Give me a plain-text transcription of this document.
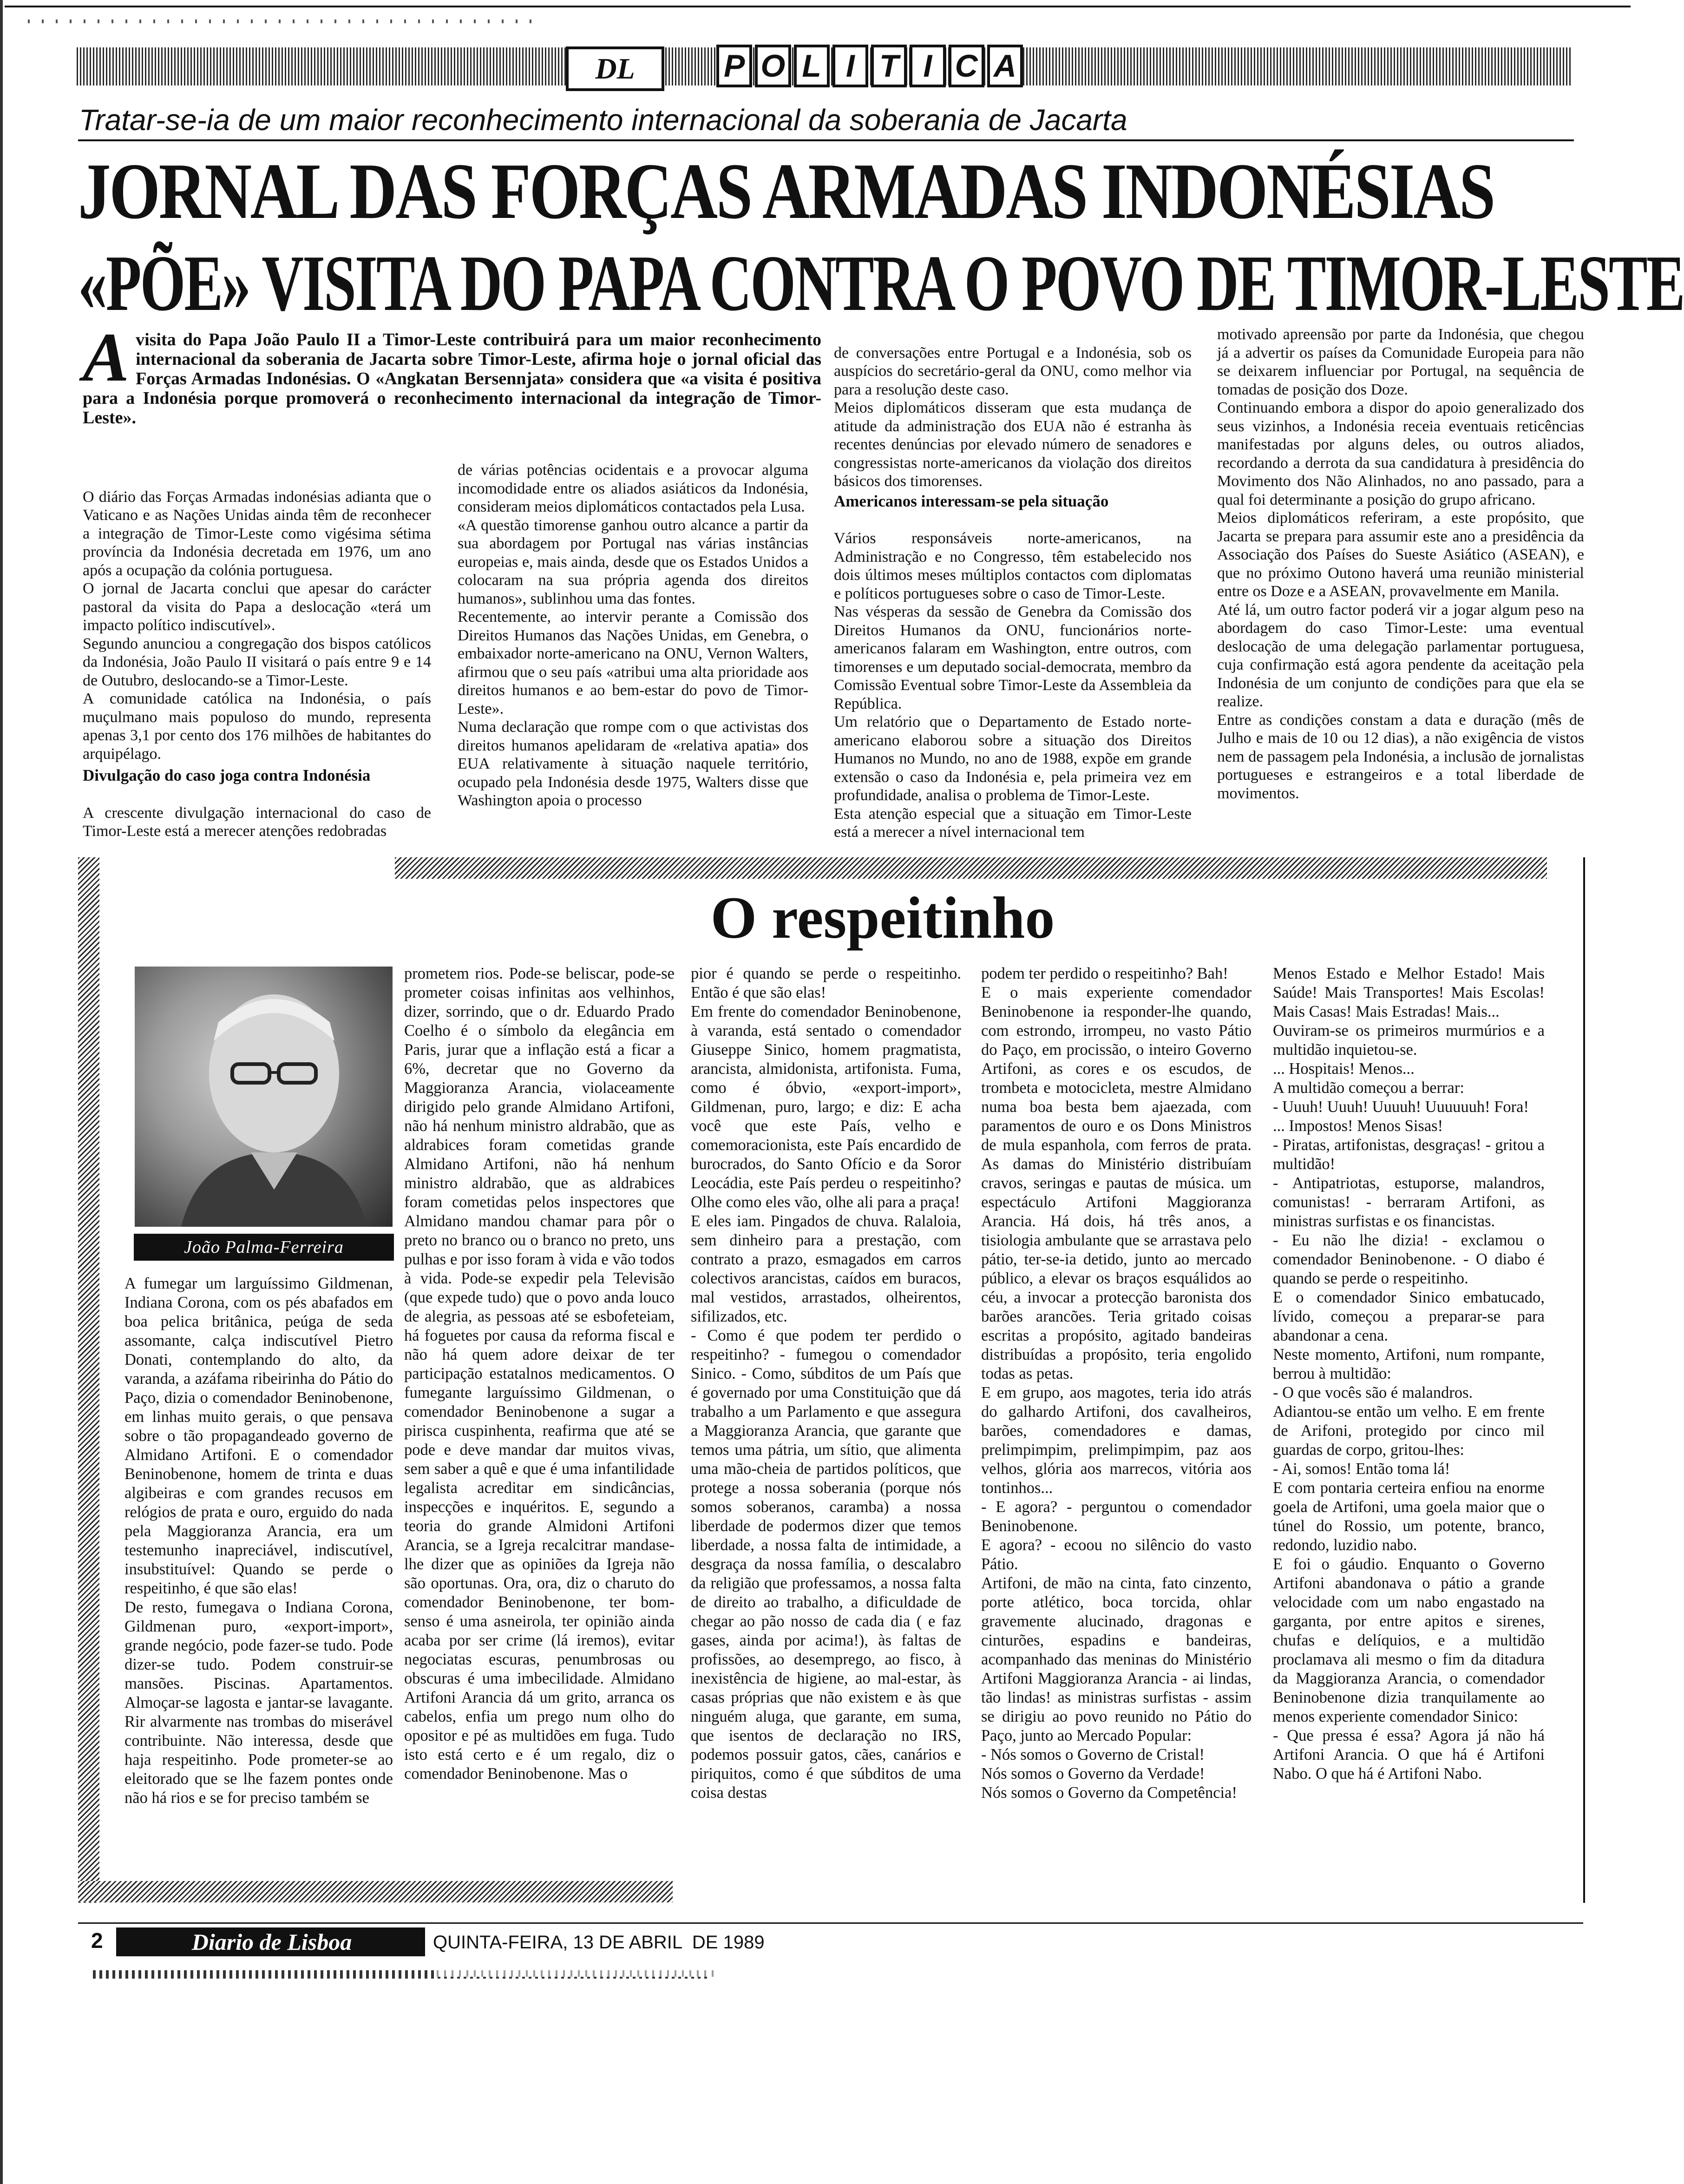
DL	P O L I T I C A
Tratar-se-ia de um maior reconhecimento internacional da soberania de Jacarta
JORNAL DAS FORÇAS ARMADAS INDONÉSIAS
«PÕE» VISITA DO PAPA CONTRA O POVO DE TIMOR-LESTE
A visita do Papa João Paulo II a Timor-Leste contribuirá para um maior reconhecimento internacional da soberania de Jacarta sobre Timor-Leste, afirma hoje o jornal oficial das Forças Armadas Indonésias. O «Angkatan Bersennjata» considera que «a visita é positiva para a Indonésia porque promoverá o reconhecimento internacional da integração de Timor-Leste».

O diário das Forças Armadas indonésias adianta que o Vaticano e as Nações Unidas ainda têm de reconhecer a integração de Timor-Leste como vigésima sétima província da Indonésia decretada em 1976, um ano após a ocupação da colónia portuguesa.
O jornal de Jacarta conclui que apesar do carácter pastoral da visita do Papa a deslocação «terá um impacto político indiscutível».
Segundo anunciou a congregação dos bispos católicos da Indonésia, João Paulo II visitará o país entre 9 e 14 de Outubro, deslocando-se a Timor-Leste.
A comunidade católica na Indonésia, o país muçulmano mais populoso do mundo, representa apenas 3,1 por cento dos 176 milhões de habitantes do arquipélago.

Divulgação do caso joga contra Indonésia

A crescente divulgação internacional do caso de Timor-Leste está a merecer atenções redobradas

de várias potências ocidentais e a provocar alguma incomodidade entre os aliados asiáticos da Indonésia, consideram meios diplomáticos contactados pela Lusa.
«A questão timorense ganhou outro alcance a partir da sua abordagem por Portugal nas várias instâncias europeias e, mais ainda, desde que os Estados Unidos a colocaram na sua própria agenda dos direitos humanos», sublinhou uma das fontes.
Recentemente, ao intervir perante a Comissão dos Direitos Humanos das Nações Unidas, em Genebra, o embaixador norte-americano na ONU, Vernon Walters, afirmou que o seu país «atribui uma alta prioridade aos direitos humanos e ao bem-estar do povo de Timor-Leste».
Numa declaração que rompe com o que activistas dos direitos humanos apelidaram de «relativa apatia» dos EUA relativamente à situação naquele território, ocupado pela Indonésia desde 1975, Walters disse que Washington apoia o processo

de conversações entre Portugal e a Indonésia, sob os auspícios do secretário-geral da ONU, como melhor via para a resolução deste caso.
Meios diplomáticos disseram que esta mudança de atitude da administração dos EUA não é estranha às recentes denúncias por elevado número de senadores e congressistas norte-americanos da violação dos direitos básicos dos timorenses.

Americanos interessam-se pela situação

Vários responsáveis norte-americanos, na Administração e no Congresso, têm estabelecido nos dois últimos meses múltiplos contactos com diplomatas e políticos portugueses sobre o caso de Timor-Leste.
Nas vésperas da sessão de Genebra da Comissão dos Direitos Humanos da ONU, funcionários norte-americanos falaram em Washington, entre outros, com timorenses e um deputado social-democrata, membro da Comissão Eventual sobre Timor-Leste da Assembleia da República.
Um relatório que o Departamento de Estado norte-americano elaborou sobre a situação dos Direitos Humanos no Mundo, no ano de 1988, expõe em grande extensão o caso da Indonésia e, pela primeira vez em profundidade, analisa o problema de Timor-Leste.
Esta atenção especial que a situação em Timor-Leste está a merecer a nível internacional tem

motivado apreensão por parte da Indonésia, que chegou já a advertir os países da Comunidade Europeia para não se deixarem influenciar por Portugal, na sequência de tomadas de posição dos Doze.
Continuando embora a dispor do apoio generalizado dos seus vizinhos, a Indonésia receia eventuais reticências manifestadas por alguns deles, ou outros aliados, recordando a derrota da sua candidatura à presidência do Movimento dos Não Alinhados, no ano passado, para a qual foi determinante a posição do grupo africano.
Meios diplomáticos referiram, a este propósito, que Jacarta se prepara para assumir este ano a presidência da Associação dos Países do Sueste Asiático (ASEAN), e que no próximo Outono haverá uma reunião ministerial entre os Doze e a ASEAN, provavelmente em Manila.
Até lá, um outro factor poderá vir a jogar algum peso na abordagem do caso Timor-Leste: uma eventual deslocação de uma delegação parlamentar portuguesa, cuja confirmação está agora pendente da aceitação pela Indonésia de um conjunto de condições para que ela se realize.
Entre as condições constam a data e duração (mês de Julho e mais de 10 ou 12 dias), a não exigência de vistos nem de passagem pela Indonésia, a inclusão de jornalistas portugueses e estrangeiros e a total liberdade de movimentos.
O respeitinho
João Palma-Ferreira
A fumegar um larguíssimo Gildmenan, Indiana Corona, com os pés abafados em boa pelica britânica, peúga de seda assomante, calça indiscutível Pietro Donati, contemplando do alto, da varanda, a azáfama ribeirinha do Pátio do Paço, dizia o comendador Beninobenone, em linhas muito gerais, o que pensava sobre o tão propagandeado governo de Almidano Artifoni. E o comendador Beninobenone, homem de trinta e duas algibeiras e com grandes recusos em relógios de prata e ouro, erguido do nada pela Maggioranza Arancia, era um testemunho inapreciável, indiscutível, insubstituível: Quando se perde o respeitinho, é que são elas!
De resto, fumegava o Indiana Corona, Gildmenan puro, «export-import», grande negócio, pode fazer-se tudo. Pode dizer-se tudo. Podem construir-se mansões. Piscinas. Apartamentos. Almoçar-se lagosta e jantar-se lavagante. Rir alvarmente nas trombas do miserável contribuinte. Não interessa, desde que haja respeitinho. Pode prometer-se ao eleitorado que se lhe fazem pontes onde não há rios e se for preciso também se
prometem rios. Pode-se beliscar, pode-se prometer coisas infinitas aos velhinhos, dizer, sorrindo, que o dr. Eduardo Prado Coelho é o símbolo da elegância em Paris, jurar que a inflação está a ficar a 6%, decretar que no Governo da Maggioranza Arancia, violaceamente dirigido pelo grande Almidano Artifoni, não há nenhum ministro aldrabão, que as aldrabices foram cometidas grande Almidano Artifoni, não há nenhum ministro aldrabão, que as aldrabices foram cometidas pelos inspectores que Almidano mandou chamar para pôr o preto no branco ou o branco no preto, uns pulhas e por isso foram à vida e vão todos à vida. Pode-se expedir pela Televisão (que expede tudo) que o povo anda louco de alegria, as pessoas até se esbofeteiam, há foguetes por causa da reforma fiscal e não há quem adore deixar de ter participação estatalnos medicamentos. O fumegante larguíssimo Gildmenan, o comendador Beninobenone a sugar a pirisca cuspinhenta, reafirma que até se pode e deve mandar dar muitos vivas, sem saber a quê e que é uma infantilidade legalista acreditar em sindicâncias, inspecções e inquéritos. E, segundo a teoria do grande Almidoni Artifoni Arancia, se a Igreja recalcitrar mandase-lhe dizer que as opiniões da Igreja não são oportunas. Ora, ora, diz o charuto do comendador Beninobenone, ter bom-senso é uma asneirola, ter opinião ainda acaba por ser crime (lá iremos), evitar negociatas escuras, penumbrosas ou obscuras é uma imbecilidade. Almidano Artifoni Arancia dá um grito, arranca os cabelos, enfia um prego num olho do opositor e pé as multidões em fuga. Tudo isto está certo e é um regalo, diz o comendador Beninobenone. Mas o
pior é quando se perde o respeitinho. Então é que são elas!
Em frente do comendador Beninobenone, à varanda, está sentado o comendador Giuseppe Sinico, homem pragmatista, arancista, almidonista, artifonista. Fuma, como é óbvio, «export-import», Gildmenan, puro, largo; e diz: E acha você que este País, velho e comemoracionista, este País encardido de burocrados, do Santo Ofício e da Soror Leocádia, este País perdeu o respeitinho? Olhe como eles vão, olhe ali para a praça!
E eles iam. Pingados de chuva. Ralaloia, sem dinheiro para a prestação, com contrato a prazo, esmagados em carros colectivos arancistas, caídos em buracos, mal vestidos, arrastados, olheirentos, sifilizados, etc.
- Como é que podem ter perdido o respeitinho? - fumegou o comendador Sinico. - Como, súbditos de um País que é governado por uma Constituição que dá trabalho a um Parlamento e que assegura a Maggioranza Arancia, que garante que temos uma pátria, um sítio, que alimenta uma mão-cheia de partidos políticos, que protege a nossa soberania (porque nós somos soberanos, caramba) a nossa liberdade de podermos dizer que temos liberdade, a nossa falta de intimidade, a desgraça da nossa família, o descalabro da religião que professamos, a nossa falta de direito ao trabalho, a dificuldade de chegar ao pão nosso de cada dia ( e faz gases, ainda por acima!), às faltas de profissões, ao desemprego, ao fisco, à inexistência de higiene, ao mal-estar, às casas próprias que não existem e às que ninguém aluga, que garante, em suma, que isentos de declaração no IRS, podemos possuir gatos, cães, canários e piriquitos, como é que súbditos de uma coisa destas
podem ter perdido o respeitinho? Bah!
E o mais experiente comendador Beninobenone ia responder-lhe quando, com estrondo, irrompeu, no vasto Pátio do Paço, em procissão, o inteiro Governo Artifoni, as cores e os escudos, de trombeta e motocicleta, mestre Almidano numa boa besta bem ajaezada, com paramentos de ouro e os Dons Ministros de mula espanhola, com ferros de prata. As damas do Ministério distribuíam cravos, seringas e pautas de música. um espectáculo Artifoni Maggioranza Arancia. Há dois, há três anos, a tisiologia ambulante que se arrastava pelo pátio, ter-se-ia detido, junto ao mercado público, a elevar os braços esquálidos ao céu, a invocar a protecção baronista dos barões arancões. Teria gritado coisas escritas a propósito, agitado bandeiras distribuídas a propósito, teria engolido todas as petas.
E em grupo, aos magotes, teria ido atrás do galhardo Artifoni, dos cavalheiros, barões, comendadores e damas, prelimpimpim, prelimpimpim, paz aos velhos, glória aos marrecos, vitória aos tontinhos...
- E agora? - perguntou o comendador Beninobenone.
E agora? - ecoou no silêncio do vasto Pátio.
Artifoni, de mão na cinta, fato cinzento, porte atlético, boca torcida, ohlar gravemente alucinado, dragonas e cinturões, espadins e bandeiras, acompanhado das meninas do Ministério Artifoni Maggioranza Arancia - ai lindas, tão lindas! as ministras surfistas - assim se dirigiu ao povo reunido no Pátio do Paço, junto ao Mercado Popular:
- Nós somos o Governo de Cristal!
Nós somos o Governo da Verdade!
Nós somos o Governo da Competência!
Menos Estado e Melhor Estado! Mais Saúde! Mais Transportes! Mais Escolas! Mais Casas! Mais Estradas! Mais...
Ouviram-se os primeiros murmúrios e a multidão inquietou-se.
... Hospitais! Menos...
A multidão começou a berrar:
- Uuuh! Uuuh! Uuuuh! Uuuuuuh! Fora!
... Impostos! Menos Sisas!
- Piratas, artifonistas, desgraças! - gritou a multidão!
- Antipatriotas, estuporse, malandros, comunistas! - berraram Artifoni, as ministras surfistas e os financistas.
- Eu não lhe dizia! - exclamou o comendador Beninobenone. - O diabo é quando se perde o respeitinho.
E o comendador Sinico embatucado, lívido, começou a preparar-se para abandonar a cena.
Neste momento, Artifoni, num rompante, berrou à multidão:
- O que vocês são é malandros.
Adiantou-se então um velho. E em frente de Arifoni, protegido por cinco mil guardas de corpo, gritou-lhes:
- Ai, somos! Então toma lá!
E com pontaria certeira enfiou na enorme goela de Artifoni, uma goela maior que o túnel do Rossio, um potente, branco, redondo, luzidio nabo.
E foi o gáudio. Enquanto o Governo Artifoni abandonava o pátio a grande velocidade com um nabo engastado na garganta, por entre apitos e sirenes, chufas e delíquios, e a multidão proclamava ali mesmo o fim da ditadura da Maggioranza Arancia, o comendador Beninobenone dizia tranquilamente ao menos experiente comendador Sinico:
- Que pressa é essa? Agora já não há Artifoni Arancia. O que há é Artifoni Nabo. O que há é Artifoni Nabo.
2	Diario de Lisboa	QUINTA-FEIRA, 13 DE ABRIL  DE 1989
